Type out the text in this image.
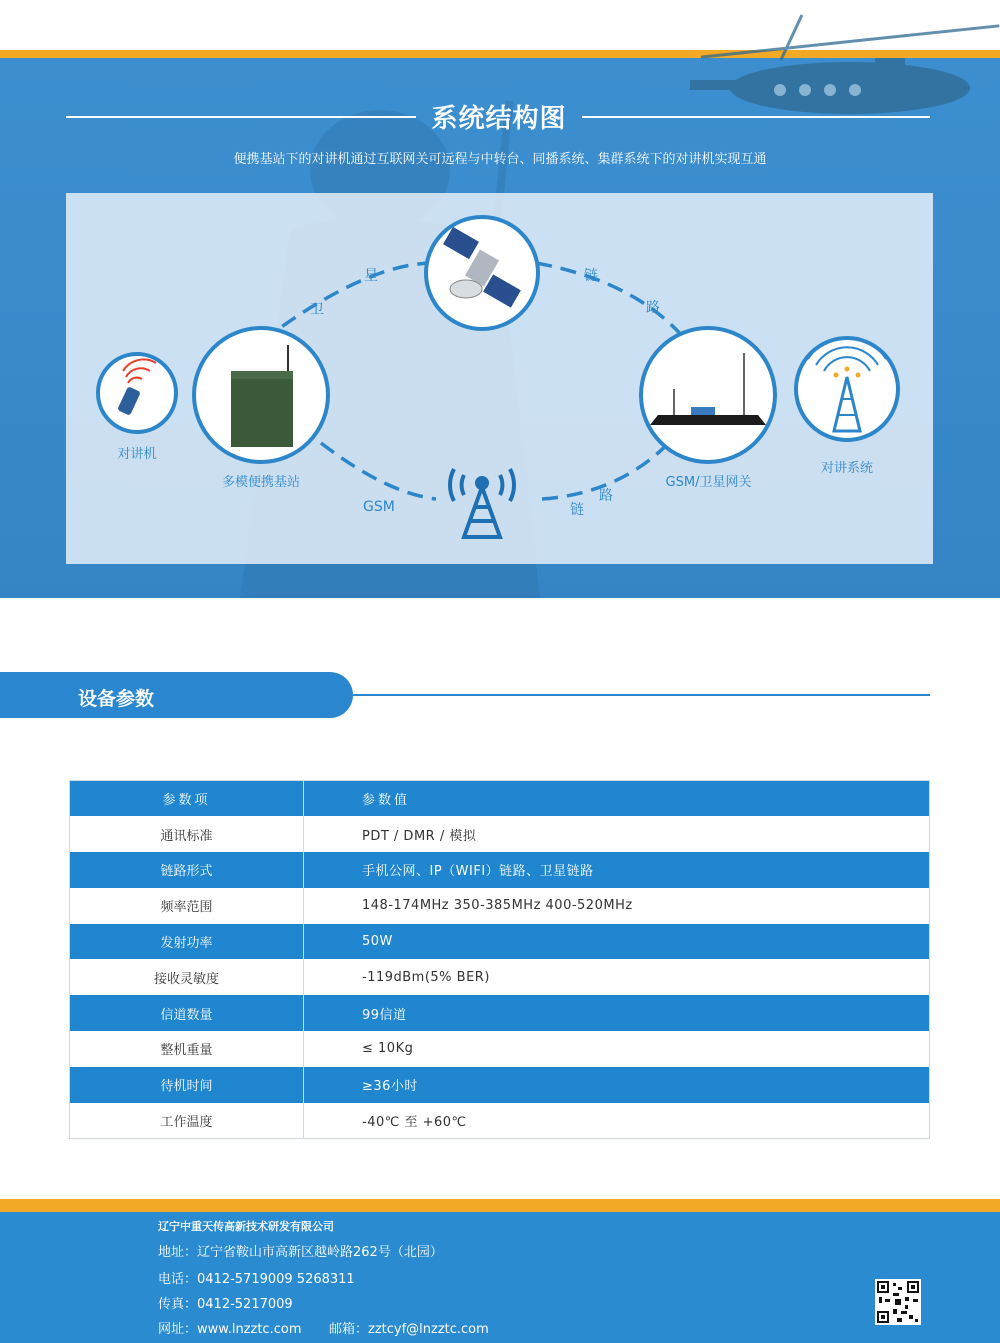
系统结构图
便携基站下的对讲机通过互联网关可远程与中转台、同播系统、集群系统下的对讲机实现互通
对讲机
多模便携基站	GSM/卫星网关
对讲系统
卫
星	链
路
GSM	链
路
设备参数
参数项	参数值
通讯标准	PDT / DMR / 模拟
链路形式	手机公网、IP（WIFI）链路、卫星链路
频率范围	148-174MHz 350-385MHz 400-520MHz
发射功率	50W
接收灵敏度	-119dBm(5% BER)
信道数量	99信道
整机重量	≤ 10Kg
待机时间	≥36小时
工作温度	-40℃ 至 +60℃
辽宁中重天传高新技术研发有限公司
地址：辽宁省鞍山市高新区越岭路262号（北园）
电话：0412-5719009 5268311
传真：0412-5217009
网址：www.lnzztc.com 邮箱：zztcyf@lnzztc.com
